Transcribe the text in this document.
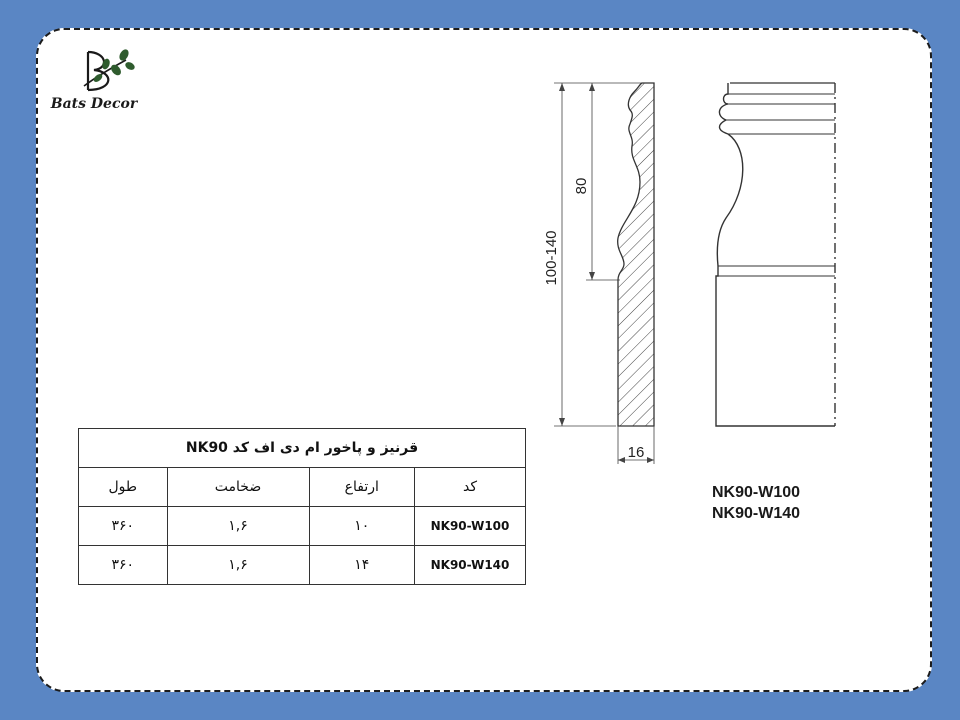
Bats Decor
قرنیز و پاخور ام دی اف کد NK90			
کد	ارتفاع	ضخامت	طول
NK90-W100	۱۰	۱,۶	۳۶۰
NK90-W140	۱۴	۱,۶	۳۶۰
100-140
80
16
NK90-W100
NK90-W140
